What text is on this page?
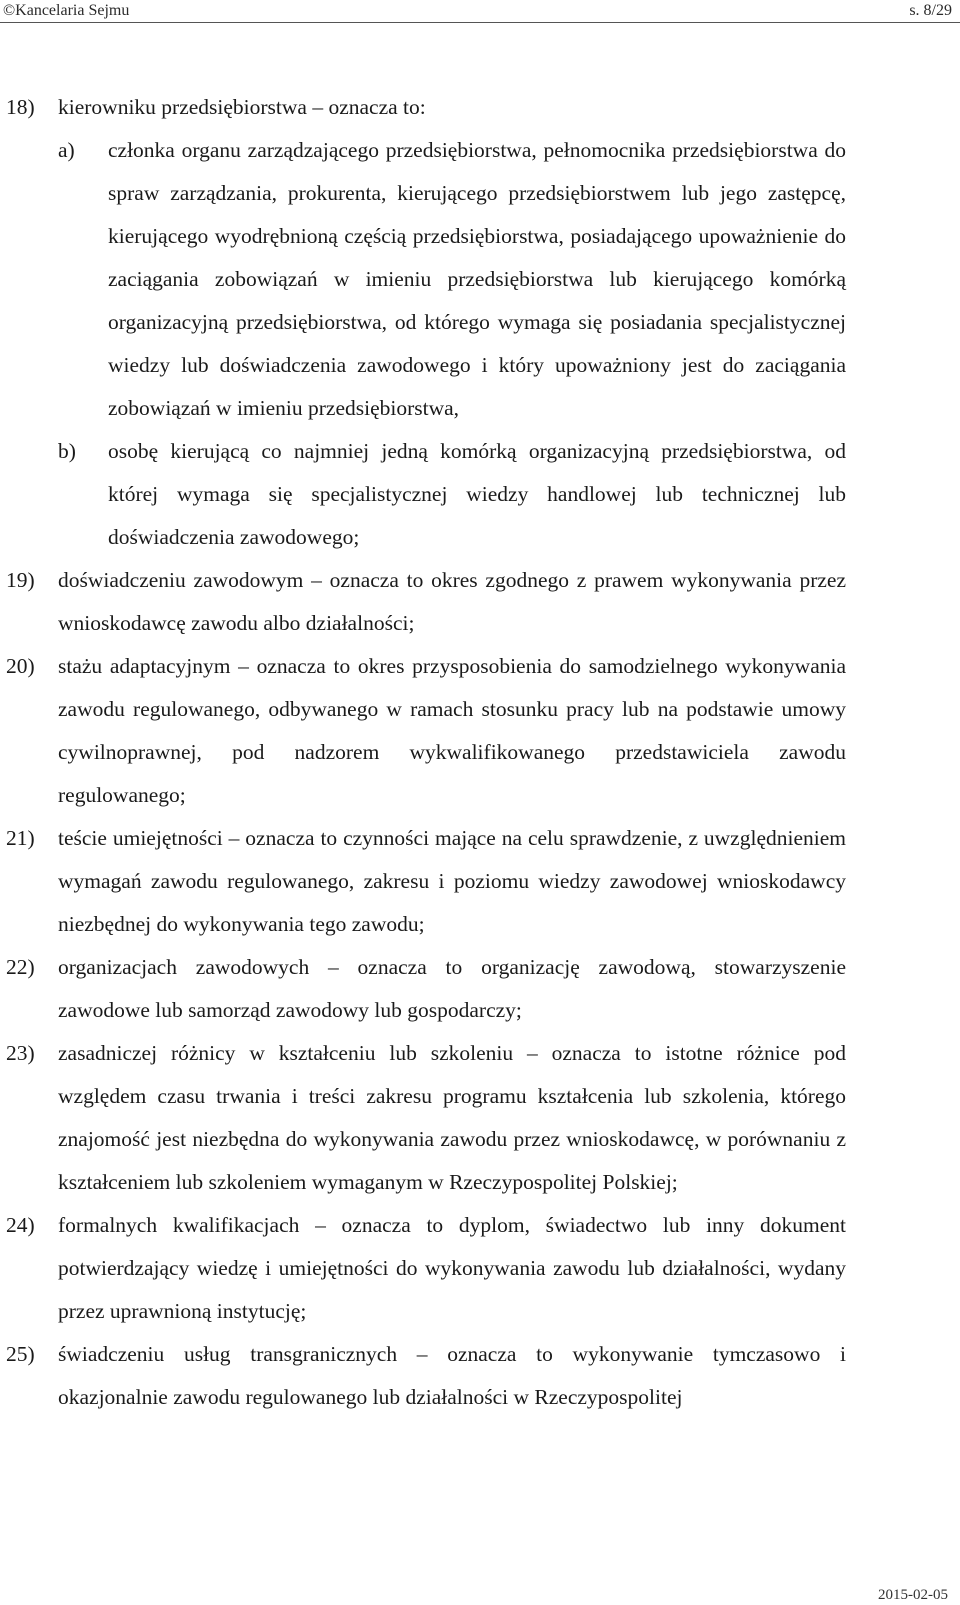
©Kancelaria Sejmu	s. 8/29
18) kierowniku przedsiębiorstwa – oznacza to:
a) członka organu zarządzającego przedsiębiorstwa, pełnomocnika przedsiębiorstwa do spraw zarządzania, prokurenta, kierującego przedsiębiorstwem lub jego zastępcę, kierującego wyodrębnioną częścią przedsiębiorstwa, posiadającego upoważnienie do zaciągania zobowiązań w imieniu przedsiębiorstwa lub kierującego komórką organizacyjną przedsiębiorstwa, od którego wymaga się posiadania specjalistycznej wiedzy lub doświadczenia zawodowego i który upoważniony jest do zaciągania zobowiązań w imieniu przedsiębiorstwa,
b) osobę kierującą co najmniej jedną komórką organizacyjną przedsiębiorstwa, od której wymaga się specjalistycznej wiedzy handlowej lub technicznej lub doświadczenia zawodowego;
19) doświadczeniu zawodowym – oznacza to okres zgodnego z prawem wykonywania przez wnioskodawcę zawodu albo działalności;
20) stażu adaptacyjnym – oznacza to okres przysposobienia do samodzielnego wykonywania zawodu regulowanego, odbywanego w ramach stosunku pracy lub na podstawie umowy cywilnoprawnej, pod nadzorem wykwalifikowanego przedstawiciela zawodu regulowanego;
21) teście umiejętności – oznacza to czynności mające na celu sprawdzenie, z uwzględnieniem wymagań zawodu regulowanego, zakresu i poziomu wiedzy zawodowej wnioskodawcy niezbędnej do wykonywania tego zawodu;
22) organizacjach zawodowych – oznacza to organizację zawodową, stowarzyszenie zawodowe lub samorząd zawodowy lub gospodarczy;
23) zasadniczej różnicy w kształceniu lub szkoleniu – oznacza to istotne różnice pod względem czasu trwania i treści zakresu programu kształcenia lub szkolenia, którego znajomość jest niezbędna do wykonywania zawodu przez wnioskodawcę, w porównaniu z kształceniem lub szkoleniem wymaganym w Rzeczypospolitej Polskiej;
24) formalnych kwalifikacjach – oznacza to dyplom, świadectwo lub inny dokument potwierdzający wiedzę i umiejętności do wykonywania zawodu lub działalności, wydany przez uprawnioną instytucję;
25) świadczeniu usług transgranicznych – oznacza to wykonywanie tymczasowo i okazjonalnie zawodu regulowanego lub działalności w Rzeczypospolitej
2015-02-05
